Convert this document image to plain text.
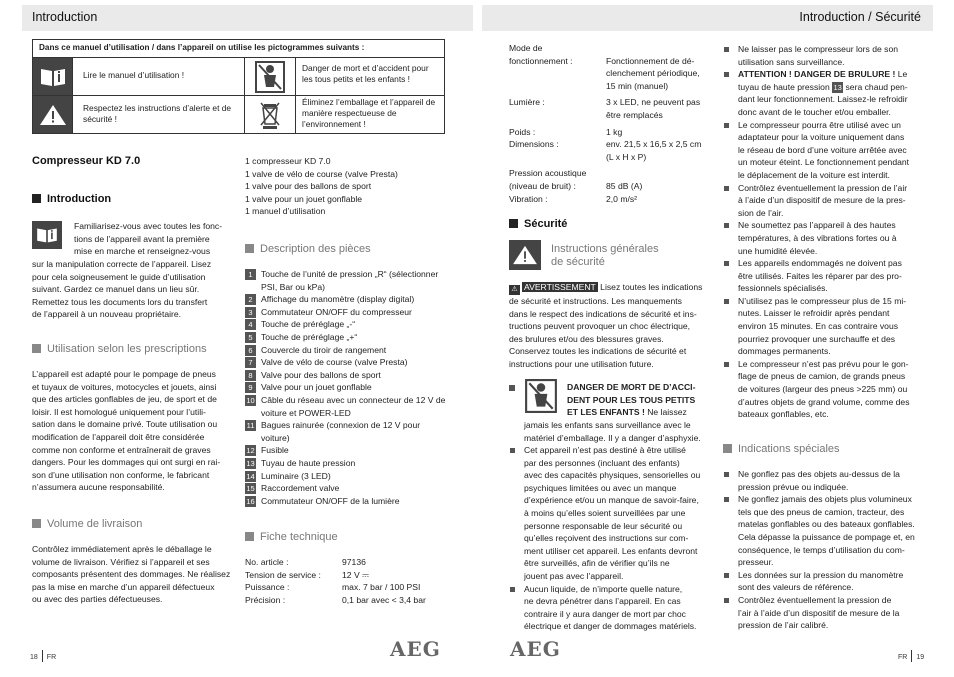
Introduction	Introduction / Sécurité
Dans ce manuel d’utilisation / dans l’appareil on utilise les pictogrammes suivants :
Lire le manuel d’utilisation !
Danger de mort et d’accident pour les tous petits et les enfants !
Respectez les instructions d’alerte et de sécurité !
Éliminez l’emballage et l’appareil de manière respectueuse de l’environnement !
Compresseur KD 7.0
Introduction

Familiarisez-vous avec toutes les fonc-

tions de l’appareil avant la première

mise en marche et renseignez-vous

sur la manipulation correcte de l’appareil. Lisez

pour cela soigneusement le guide d’utilisation

suivant. Gardez ce manuel dans un lieu sûr.

Remettez tous les documents lors du transfert

de l’appareil à un nouveau propriétaire.

Utilisation selon les prescriptions

L’appareil est adapté pour le pompage de pneus

et tuyaux de voitures, motocycles et jouets, ainsi

que des articles gonflables de jeu, de sport et de

loisir. Il est homologué uniquement pour l’utili-

sation dans le domaine privé. Toute utilisation ou

modification de l’appareil doit être considérée

comme non conforme et entraînerait de graves

dangers. Pour les dommages qui ont surgi en rai-

son d’une utilisation non conforme, le fabricant

n’assumera aucune responsabilité.

Volume de livraison

Contrôlez immédiatement après le déballage le

volume de livraison. Vérifiez si l’appareil et ses

composants présentent des dommages. Ne réalisez

pas la mise en marche d’un appareil défectueux

ou avec des parties défectueuses.

1 compresseur KD 7.0

1 valve de vélo de course (valve Presta)

1 valve pour des ballons de sport

1 valve pour un jouet gonflable

1 manuel d’utilisation

Description des pièces
1 Touche de l’unité de pression „R“ (sélectionner PSI, Bar ou kPa)
2 Affichage du manomètre (display digital)
3 Commutateur ON/OFF du compresseur
4 Touche de préréglage „-“
5 Touche de préréglage „+“
6 Couvercle du tiroir de rangement
7 Valve de vélo de course (valve Presta)
8 Valve pour des ballons de sport
9 Valve pour un jouet gonflable
10 Câble du réseau avec un connecteur de 12 V de voiture et POWER-LED
11 Bagues rainurée (connexion de 12 V pour voiture)
12 Fusible
13 Tuyau de haute pression
14 Luminaire (3 LED)
15 Raccordement valve
16 Commutateur ON/OFF de la lumière
Fiche technique
No. article :	97136
Tension de service : 12 V ⎓
Puissance :	max. 7 bar / 100 PSI
Précision :	0,1 bar avec < 3,4 bar
Mode de

fonctionnement :	Fonctionnement de dé-
clenchement périodique,
15 min (manuel)
Lumière :	3 x LED, ne peuvent pas
être remplacés
Poids :	1 kg
Dimensions :	env. 21,5 x 16,5 x 2,5 cm
(L x H x P)
Pression acoustique

(niveau de bruit) :	85 dB (A)
Vibration :	2,0 m/s²
Sécurité

Instructions générales

de sécurité

⚠ AVERTISSEMENT Lisez toutes les indications

de sécurité et instructions. Les manquements

dans le respect des indications de sécurité et ins-

tructions peuvent provoquer un choc électrique,

des brulures et/ou des blessures graves.

Conservez toutes les indications de sécurité et

instructions pour une utilisation future.

DANGER DE MORT DE D’ACCI-

DENT POUR LES TOUS PETITS

ET LES ENFANTS ! Ne laissez

jamais les enfants sans surveillance avec le

matériel d’emballage. Il y a danger d’asphyxie.

Cet appareil n’est pas destiné à être utilisé

par des personnes (incluant des enfants)

avec des capacités physiques, sensorielles ou

psychiques limitées ou avec un manque

d’expérience et/ou un manque de savoir-faire,

à moins qu’elles soient surveillées par une

personne responsable de leur sécurité ou

qu’elles reçoivent des instructions sur com-

ment utiliser cet appareil. Les enfants devront

être surveillés, afin de vérifier qu’ils ne

jouent pas avec l’appareil.

Aucun liquide, de n’importe quelle nature,

ne devra pénétrer dans l’appareil. En cas

contraire il y aura danger de mort par choc

électrique et danger de dommages matériels.

Ne laisser pas le compresseur lors de son

utilisation sans surveillance.

ATTENTION ! DANGER DE BRULURE ! Le

tuyau de haute pression 13 sera chaud pen-

dant leur fonctionnement. Laissez-le refroidir

donc avant de le toucher et/ou emballer.

Le compresseur pourra être utilisé avec un

adaptateur pour la voiture uniquement dans

le réseau de bord d’une voiture arrêtée avec

un moteur éteint. Le fonctionnement pendant

le déplacement de la voiture est interdit.

Contrôlez éventuellement la pression de l’air

à l’aide d’un dispositif de mesure de la pres-

sion de l’air.

Ne soumettez pas l’appareil à des hautes

températures, à des vibrations fortes ou à

une humidité élevée.

Les appareils endommagés ne doivent pas

être utilisés. Faites les réparer par des pro-

fessionnels spécialisés.

N’utilisez pas le compresseur plus de 15 mi-

nutes. Laisser le refroidir après pendant

environ 15 minutes. En cas contraire vous

pourriez provoquer une surchauffe et des

dommages permanents.

Le compresseur n’est pas prévu pour le gon-

flage de pneus de camion, de grands pneus

de voitures (largeur des pneus >225 mm) ou

d’autres objets de grand volume, comme des

bateaux gonflables, etc.

Indications spéciales

Ne gonflez pas des objets au-dessus de la

pression prévue ou indiquée.

Ne gonflez jamais des objets plus volumineux

tels que des pneus de camion, tracteur, des

matelas gonflables ou des bateaux gonflables.

Cela dépasse la puissance de pompage et, en

conséquence, le temps d’utilisation du com-

presseur.

Les données sur la pression du manomètre

sont des valeurs de référence.

Contrôlez éventuellement la pression de

l’air à l’aide d’un dispositif de mesure de la

pression de l’air calibré.

18 FR	AEG	AEG	FR 19
